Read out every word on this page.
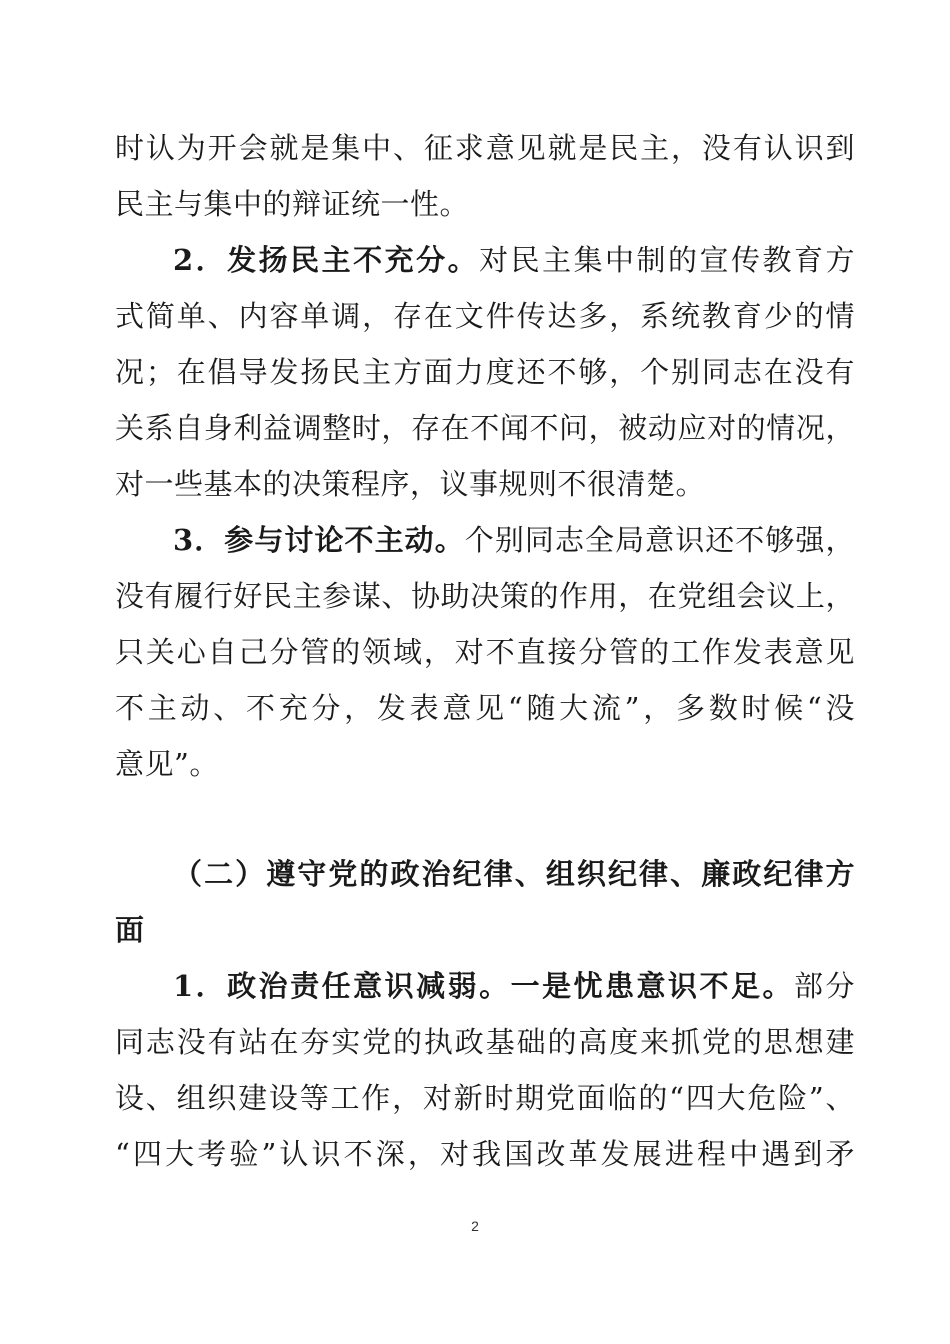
时认为开会就是集中、征求意见就是民主，没有认识到
民主与集中的辩证统一性。
2．发扬民主不充分。对民主集中制的宣传教育方
式简单、内容单调，存在文件传达多，系统教育少的情
况；在倡导发扬民主方面力度还不够，个别同志在没有
关系自身利益调整时，存在不闻不问，被动应对的情况，
对一些基本的决策程序，议事规则不很清楚。
3．参与讨论不主动。个别同志全局意识还不够强，
没有履行好民主参谋、协助决策的作用，在党组会议上，
只关心自己分管的领域，对不直接分管的工作发表意见
不主动、不充分，发表意见“随大流”，多数时候“没
意见”。
（二）遵守党的政治纪律、组织纪律、廉政纪律方
面
1．政治责任意识减弱。一是忧患意识不足。部分
同志没有站在夯实党的执政基础的高度来抓党的思想建
设、组织建设等工作，对新时期党面临的“四大危险”、
“四大考验”认识不深，对我国改革发展进程中遇到矛
2
